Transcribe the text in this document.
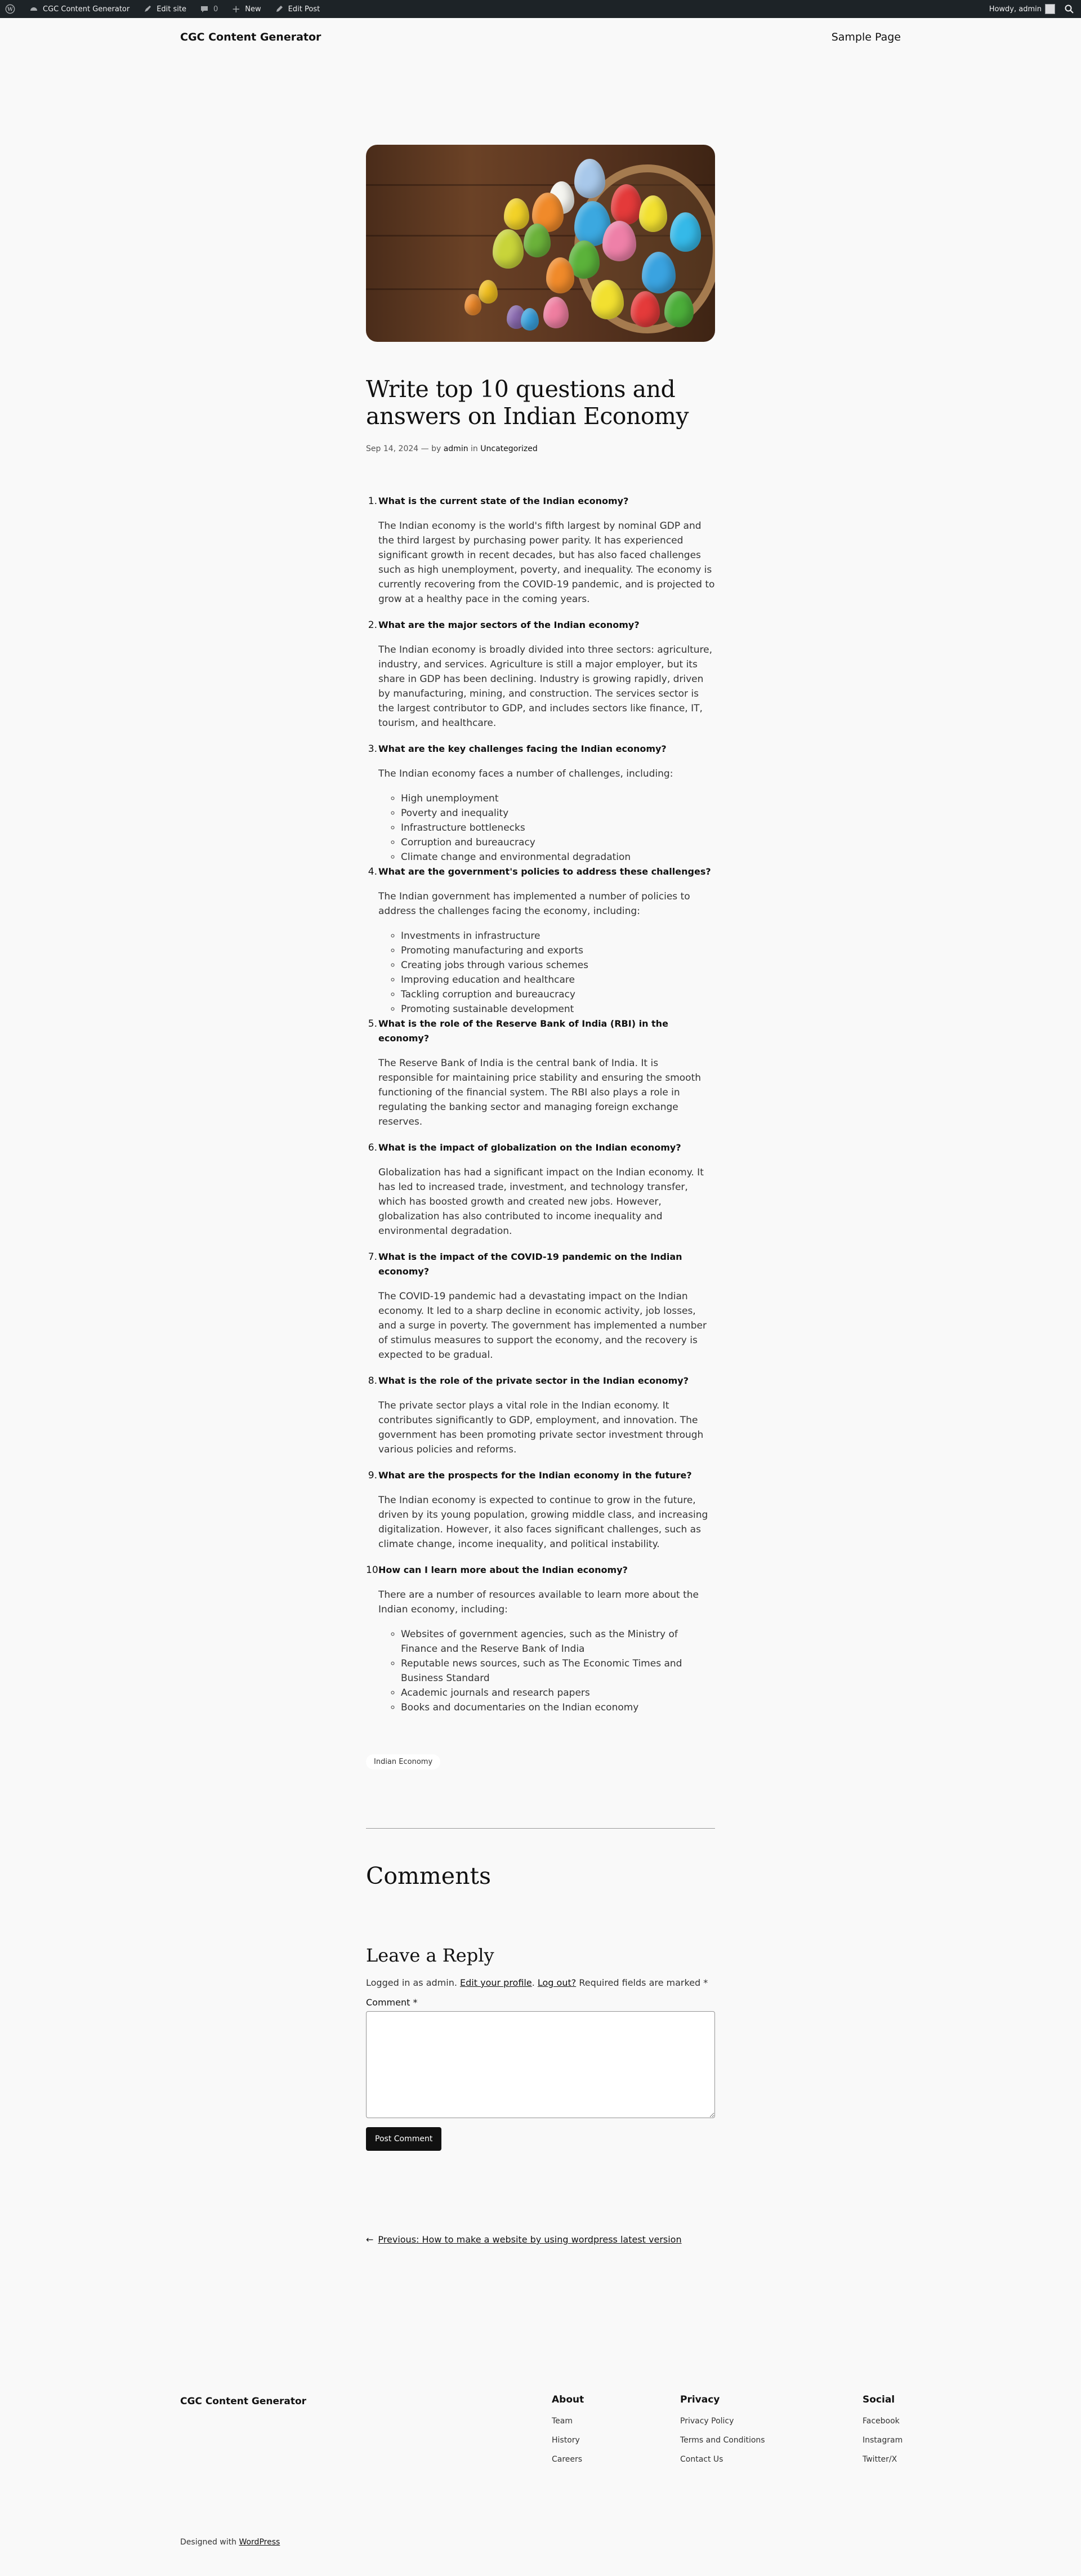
W	CGC Content Generator	Edit site	0 + New	Edit Post	Howdy, admin
CGC Content Generator	Sample Page
Write top 10 questions and answers on Indian Economy
Sep 14, 2024 — by admin in Uncategorized
1. What is the current state of the Indian economy?

The Indian economy is the world's fifth largest by nominal GDP and the third largest by purchasing power parity. It has experienced significant growth in recent decades, but has also faced challenges such as high unemployment, poverty, and inequality. The economy is currently recovering from the COVID-19 pandemic, and is projected to grow at a healthy pace in the coming years.

2. What are the major sectors of the Indian economy?

The Indian economy is broadly divided into three sectors: agriculture, industry, and services. Agriculture is still a major employer, but its share in GDP has been declining. Industry is growing rapidly, driven by manufacturing, mining, and construction. The services sector is the largest contributor to GDP, and includes sectors like finance, IT, tourism, and healthcare.

3. What are the key challenges facing the Indian economy?

The Indian economy faces a number of challenges, including:

◦ High unemployment
◦ Poverty and inequality
◦ Infrastructure bottlenecks
◦ Corruption and bureaucracy
◦ Climate change and environmental degradation
4. What are the government's policies to address these challenges?

The Indian government has implemented a number of policies to address the challenges facing the economy, including:

◦ Investments in infrastructure
◦ Promoting manufacturing and exports
◦ Creating jobs through various schemes
◦ Improving education and healthcare
◦ Tackling corruption and bureaucracy
◦ Promoting sustainable development
5. What is the role of the Reserve Bank of India (RBI) in the economy?

The Reserve Bank of India is the central bank of India. It is responsible for maintaining price stability and ensuring the smooth functioning of the financial system. The RBI also plays a role in regulating the banking sector and managing foreign exchange reserves.

6. What is the impact of globalization on the Indian economy?

Globalization has had a significant impact on the Indian economy. It has led to increased trade, investment, and technology transfer, which has boosted growth and created new jobs. However, globalization has also contributed to income inequality and environmental degradation.

7. What is the impact of the COVID-19 pandemic on the Indian economy?

The COVID-19 pandemic had a devastating impact on the Indian economy. It led to a sharp decline in economic activity, job losses, and a surge in poverty. The government has implemented a number of stimulus measures to support the economy, and the recovery is expected to be gradual.

8. What is the role of the private sector in the Indian economy?

The private sector plays a vital role in the Indian economy. It contributes significantly to GDP, employment, and innovation. The government has been promoting private sector investment through various policies and reforms.

9. What are the prospects for the Indian economy in the future?

The Indian economy is expected to continue to grow in the future, driven by its young population, growing middle class, and increasing digitalization. However, it also faces significant challenges, such as climate change, income inequality, and political instability.

10.
How can I learn more about the Indian economy?

There are a number of resources available to learn more about the Indian economy, including:

◦ Websites of government agencies, such as the Ministry of Finance and the Reserve Bank of India
◦ Reputable news sources, such as The Economic Times and Business Standard
◦ Academic journals and research papers
◦ Books and documentaries on the Indian economy
Indian Economy
Comments
Leave a Reply

Logged in as admin. Edit your profile. Log out? Required fields are marked *

Comment *
Post Comment
← Previous: How to make a website by using wordpress latest version
CGC Content Generator	About
Team
History
Careers
Privacy
Privacy Policy
Terms and Conditions
Contact Us
Social
Facebook
Instagram
Twitter/X
Designed with WordPress
